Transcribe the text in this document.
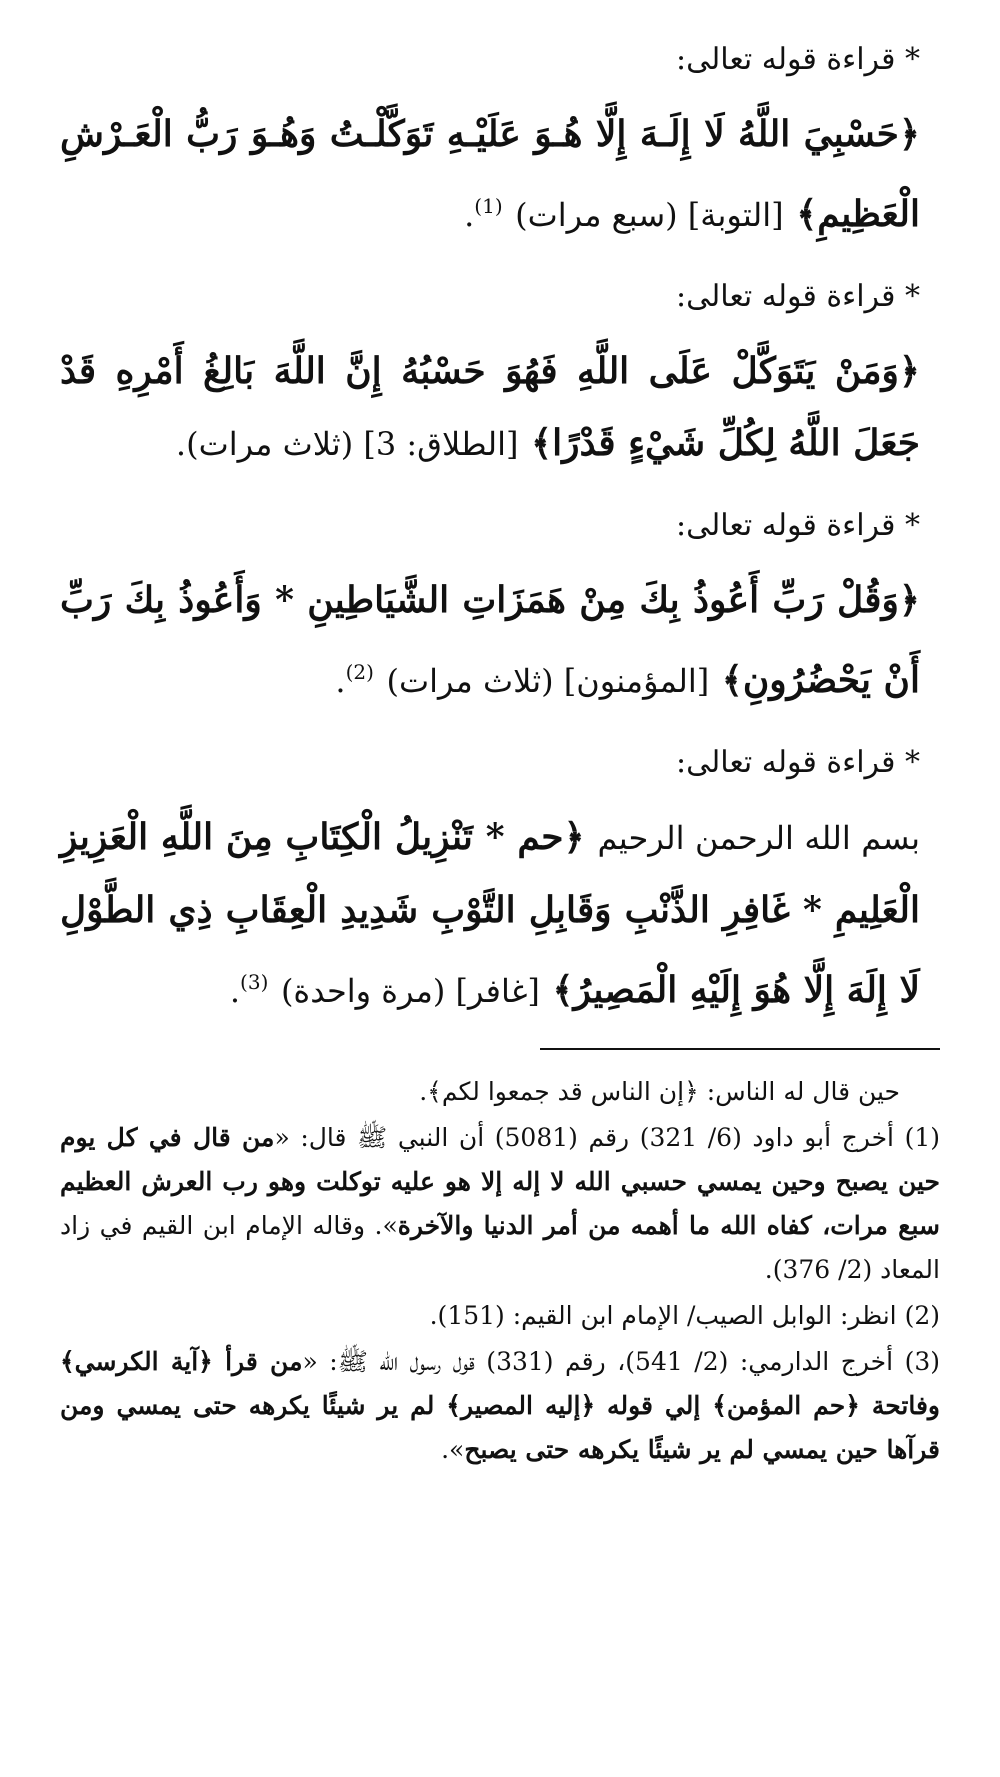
* قراءة قوله تعالى:

﴿حَسْبِيَ اللَّهُ لَا إِلَـهَ إِلَّا هُـوَ عَلَيْـهِ تَوَكَّلْـتُ وَهُـوَ رَبُّ الْعَـرْشِ الْعَظِيمِ﴾ [التوبة] (سبع مرات) $^{(1)}$.

* قراءة قوله تعالى:

﴿وَمَنْ يَتَوَكَّلْ عَلَى اللَّهِ فَهُوَ حَسْبُهُ إِنَّ اللَّهَ بَالِغُ أَمْرِهِ قَدْ جَعَلَ اللَّهُ لِكُلِّ شَيْءٍ قَدْرًا﴾ [الطلاق: 3] (ثلاث مرات).

* قراءة قوله تعالى:

﴿وَقُلْ رَبِّ أَعُوذُ بِكَ مِنْ هَمَزَاتِ الشَّيَاطِينِ * وَأَعُوذُ بِكَ رَبِّ أَنْ يَحْضُرُونِ﴾ [المؤمنون] (ثلاث مرات) $^{(2)}$.

* قراءة قوله تعالى:

بسم الله الرحمن الرحيم ﴿حم * تَنْزِيلُ الْكِتَابِ مِنَ اللَّهِ الْعَزِيزِ الْعَلِيمِ * غَافِرِ الذَّنْبِ وَقَابِلِ التَّوْبِ شَدِيدِ الْعِقَابِ ذِي الطَّوْلِ لَا إِلَهَ إِلَّا هُوَ إِلَيْهِ الْمَصِيرُ﴾ [غافر] (مرة واحدة) $^{(3)}$.

حين قال له الناس: ﴿إن الناس قد جمعوا لكم﴾.

(1) أخرج أبو داود (6/ 321) رقم (5081) أن النبي ﷺ قال: «من قال في كل يوم حين يصبح وحين يمسي حسبي الله لا إله إلا هو عليه توكلت وهو رب العرش العظيم سبع مرات، كفاه الله ما أهمه من أمر الدنيا والآخرة». وقاله الإمام ابن القيم في زاد المعاد (2/ 376).

(2) انظر: الوابل الصيب/ الإمام ابن القيم: (151).

(3) أخرج الدارمي: (2/ 541)، رقم (331) قول رسول الله ﷺ: «من قرأ ﴿آية الكرسي﴾ وفاتحة ﴿حم المؤمن﴾ إلي قوله ﴿إليه المصير﴾ لم ير شيئًا يكرهه حتى يمسي ومن قرآها حين يمسي لم ير شيئًا يكرهه حتى يصبح».
